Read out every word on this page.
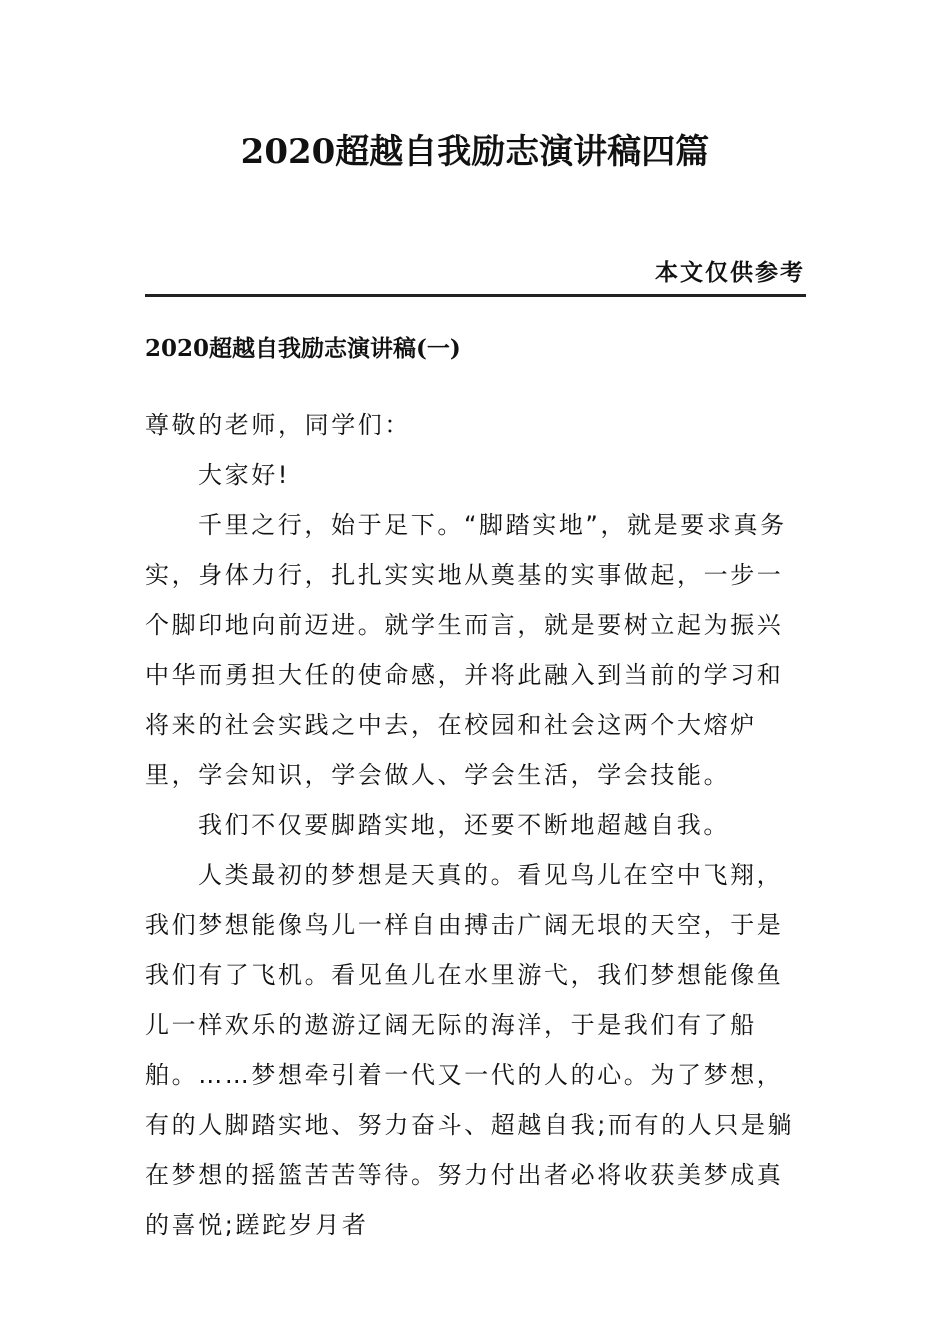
2020超越自我励志演讲稿四篇
本文仅供参考
2020超越自我励志演讲稿(一)

尊敬的老师，同学们：

大家好!

千里之行，始于足下。“脚踏实地”，就是要求真务实，身体力行，扎扎实实地从奠基的实事做起，一步一个脚印地向前迈进。就学生而言，就是要树立起为振兴中华而勇担大任的使命感，并将此融入到当前的学习和将来的社会实践之中去，在校园和社会这两个大熔炉里，学会知识，学会做人、学会生活，学会技能。

我们不仅要脚踏实地，还要不断地超越自我。

人类最初的梦想是天真的。看见鸟儿在空中飞翔，我们梦想能像鸟儿一样自由搏击广阔无垠的天空，于是我们有了飞机。看见鱼儿在水里游弋，我们梦想能像鱼儿一样欢乐的遨游辽阔无际的海洋，于是我们有了船舶。……梦想牵引着一代又一代的人的心。为了梦想，有的人脚踏实地、努力奋斗、超越自我;而有的人只是躺在梦想的摇篮苦苦等待。努力付出者必将收获美梦成真的喜悦;蹉跎岁月者
